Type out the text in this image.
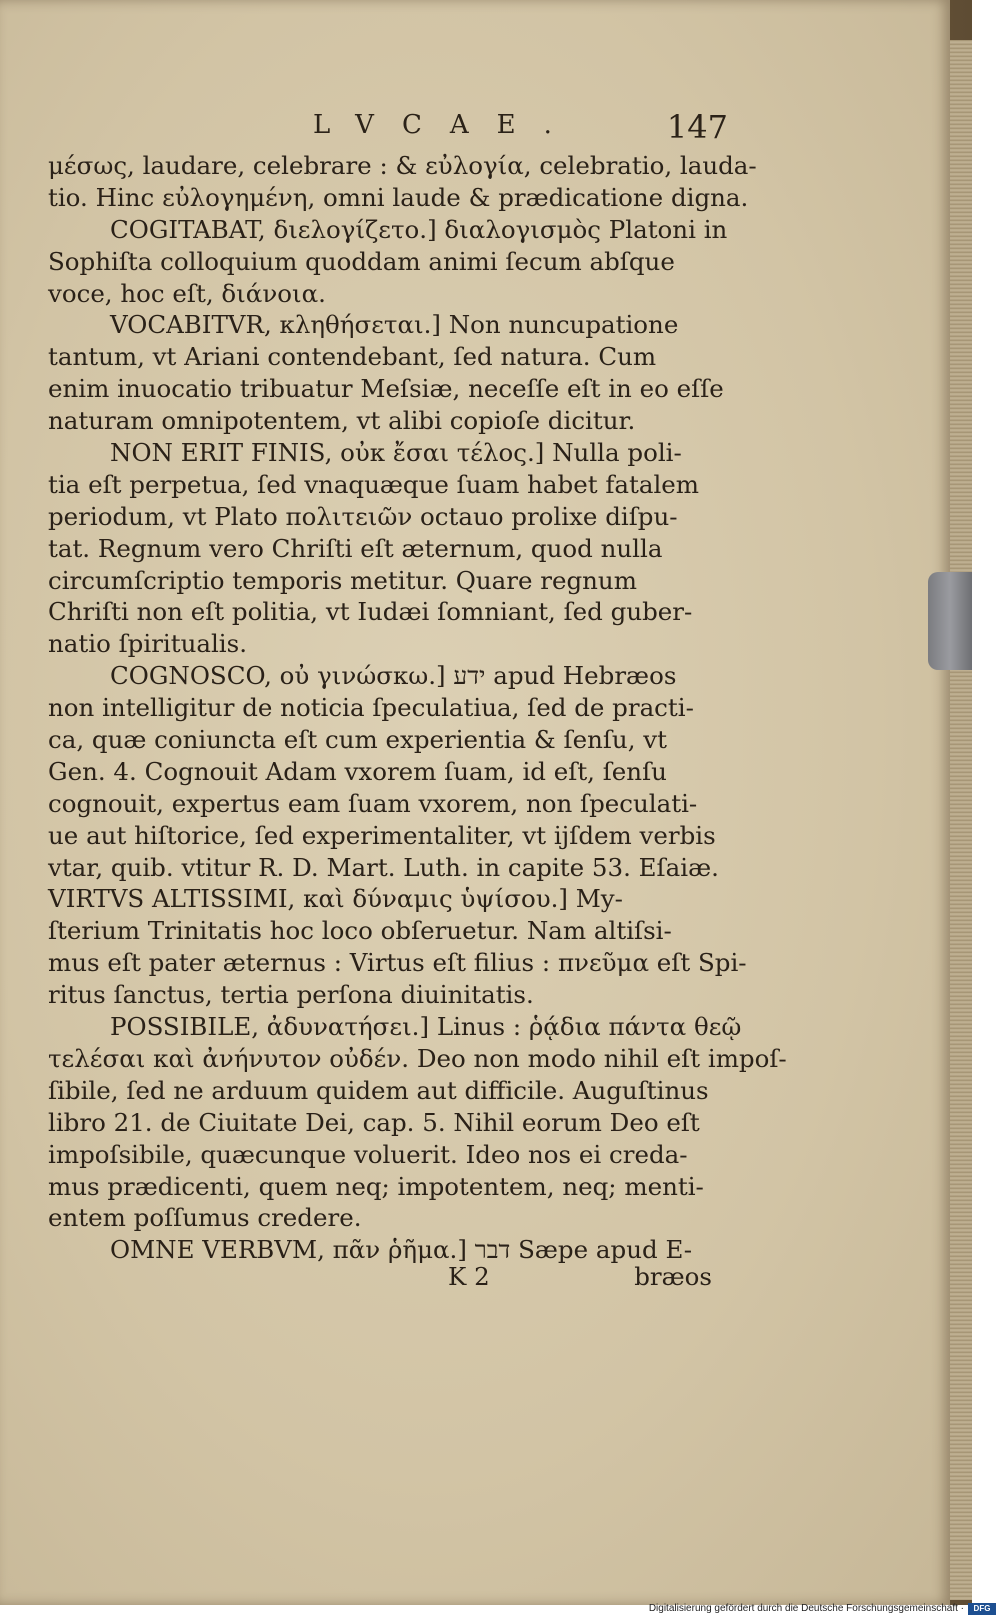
LVCAE.	147
μέσως, laudare, celebrare : & εὐλογία, celebratio, lauda-
tio. Hinc εὐλογημένη, omni laude & prædicatione digna.
COGITABAT, διελογίζετο.] διαλογισμὸς Platoni in
Sophiſta colloquium quoddam animi ſecum abſque
voce, hoc eſt, διάνοια.
VOCABITVR, κληθήσεται.] Non nuncupatione
tantum, vt Ariani contendebant, ſed natura. Cum
enim inuocatio tribuatur Meſsiæ, neceſſe eſt in eo eſſe
naturam omnipotentem, vt alibi copioſe dicitur.
NON ERIT FINIS, οὐκ ἔσαι τέλος.] Nulla poli-
tia eſt perpetua, ſed vnaquæque ſuam habet fatalem
periodum, vt Plato πολιτειῶν octauo prolixe diſpu-
tat. Regnum vero Chriſti eſt æternum, quod nulla
circumſcriptio temporis metitur. Quare regnum
Chriſti non eſt politia, vt Iudæi ſomniant, ſed guber-
natio ſpiritualis.
COGNOSCO, οὐ γινώσκω.] ידע apud Hebræos
non intelligitur de noticia ſpeculatiua, ſed de practi-
ca, quæ coniuncta eſt cum experientia & ſenſu, vt
Gen. 4. Cognouit Adam vxorem ſuam, id eſt, ſenſu
cognouit, expertus eam ſuam vxorem, non ſpeculati-
ue aut hiſtorice, ſed experimentaliter, vt ijſdem verbis
vtar, quib. vtitur R. D. Mart. Luth. in capite 53. Eſaiæ.
VIRTVS ALTISSIMI, καὶ δύναμις ὑψίσου.] My-
ſterium Trinitatis hoc loco obſeruetur. Nam altiſsi-
mus eſt pater æternus : Virtus eſt filius : πνεῦμα eſt Spi-
ritus ſanctus, tertia perſona diuinitatis.
POSSIBILE, ἀδυνατήσει.] Linus : ῥᾴδια πάντα θεῷ
τελέσαι καὶ ἀνήνυτον οὐδέν. Deo non modo nihil eſt impoſ-
ſibile, ſed ne arduum quidem aut difficile. Auguſtinus
libro 21. de Ciuitate Dei, cap. 5. Nihil eorum Deo eſt
impoſsibile, quæcunque voluerit. Ideo nos ei creda-
mus prædicenti, quem neq; impotentem, neq; menti-
entem poſſumus credere.
OMNE VERBVM, πᾶν ῥῆμα.] דבר Sæpe apud E-
K 2	bræos
Digitalisierung gefördert durch die Deutsche Forschungsgemeinschaft ·	DFG
